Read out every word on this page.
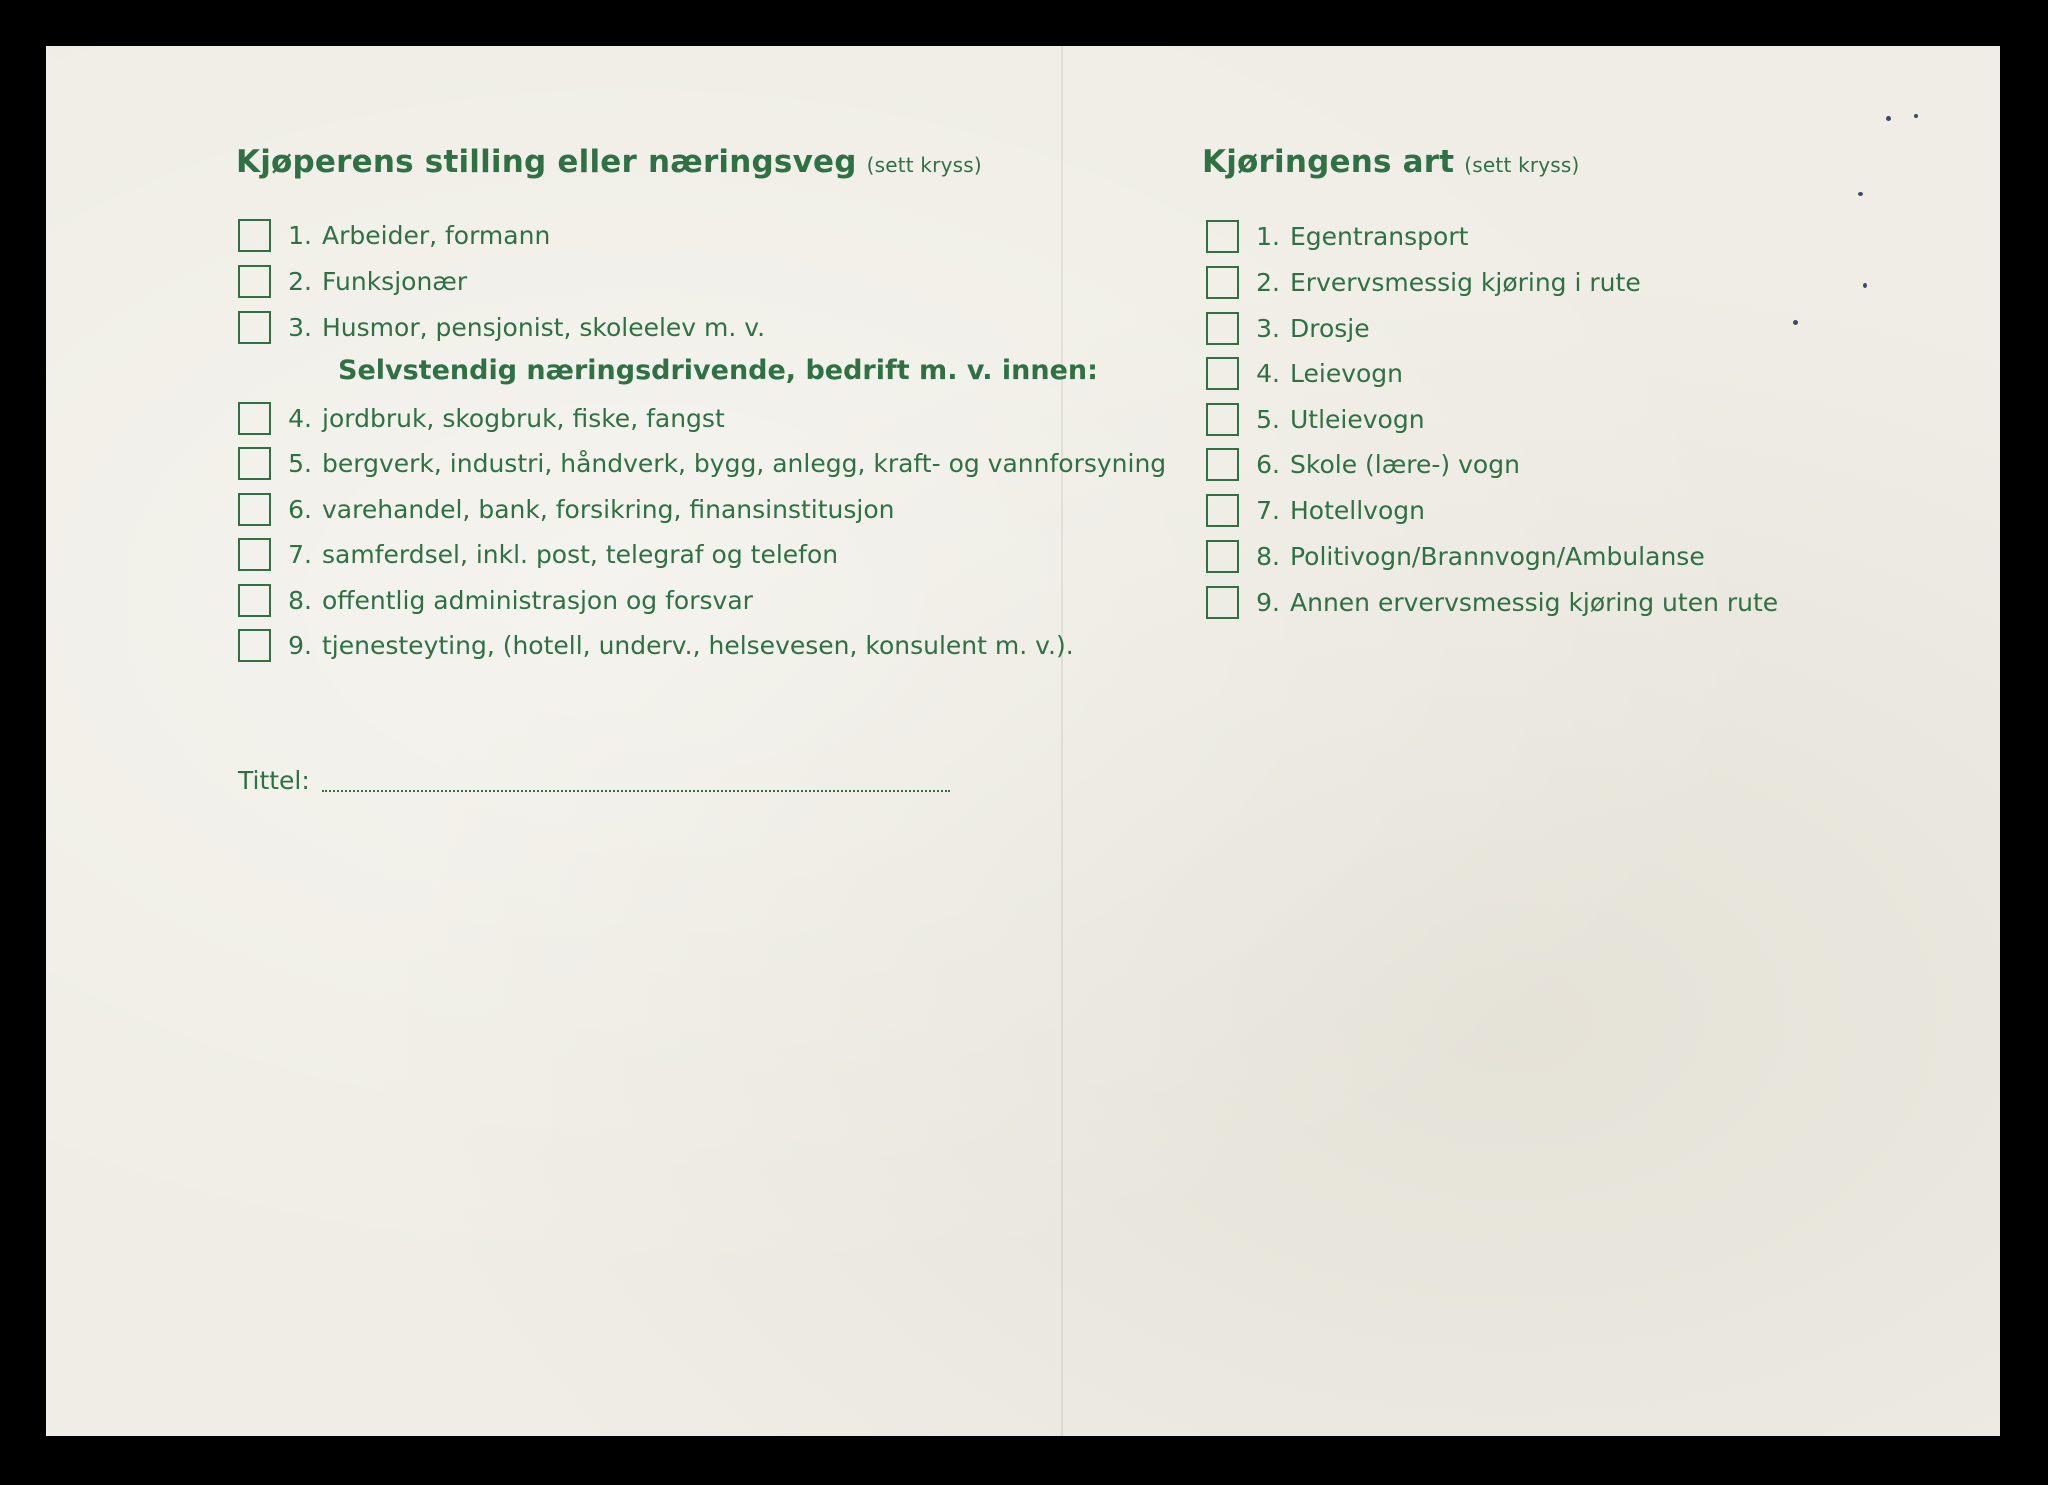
Kjøperens stilling eller næringsveg (sett kryss)
1. Arbeider, formann
2. Funksjonær
3. Husmor, pensjonist, skoleelev m. v.
Selvstendig næringsdrivende, bedrift m. v. innen:
4. jordbruk, skogbruk, fiske, fangst
5. bergverk, industri, håndverk, bygg, anlegg, kraft- og vannforsyning
6. varehandel, bank, forsikring, finansinstitusjon
7. samferdsel, inkl. post, telegraf og telefon
8. offentlig administrasjon og forsvar
9. tjenesteyting, (hotell, underv., helsevesen, konsulent m. v.).
Tittel:
Kjøringens art (sett kryss)
1. Egentransport
2. Ervervsmessig kjøring i rute
3. Drosje
4. Leievogn
5. Utleievogn
6. Skole (lære-) vogn
7. Hotellvogn
8. Politivogn/Brannvogn/Ambulanse
9. Annen ervervsmessig kjøring uten rute
